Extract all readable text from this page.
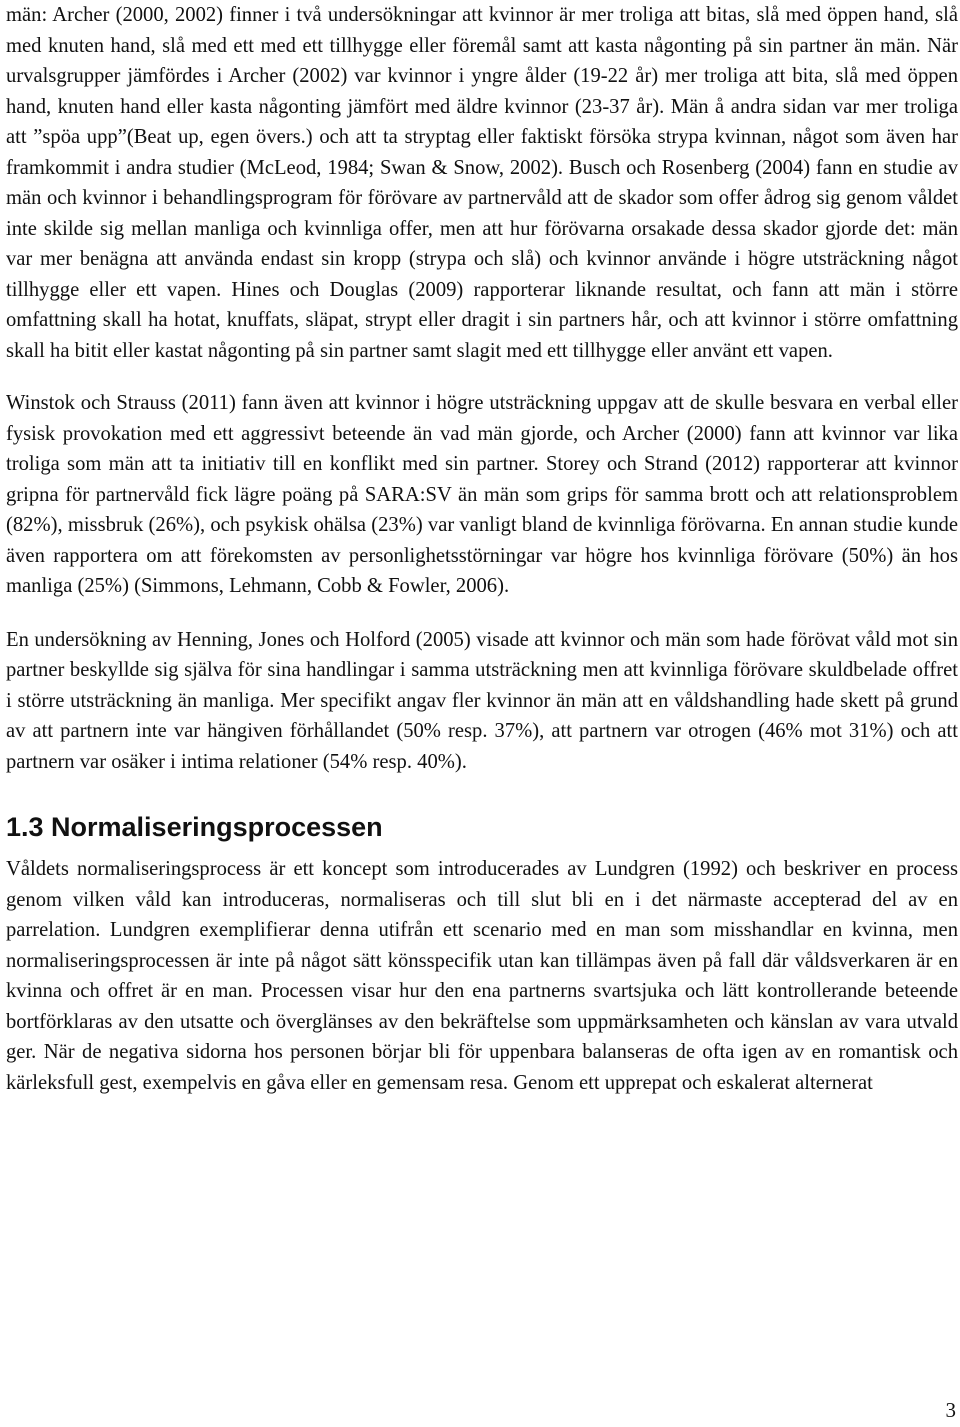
män: Archer (2000, 2002) finner i två undersökningar att kvinnor är mer troliga att bitas, slå med öppen hand, slå med knuten hand, slå med ett med ett tillhygge eller föremål samt att kasta någonting på sin partner än män. När urvalsgrupper jämfördes i Archer (2002) var kvinnor i yngre ålder (19-22 år) mer troliga att bita, slå med öppen hand, knuten hand eller kasta någonting jämfört med äldre kvinnor (23-37 år). Män å andra sidan var mer troliga att ”spöa upp”(Beat up, egen övers.) och att ta stryptag eller faktiskt försöka strypa kvinnan, något som även har framkommit i andra studier (McLeod, 1984; Swan & Snow, 2002). Busch och Rosenberg (2004) fann en studie av män och kvinnor i behandlingsprogram för förövare av partnervåld att de skador som offer ådrog sig genom våldet inte skilde sig mellan manliga och kvinnliga offer, men att hur förövarna orsakade dessa skador gjorde det: män var mer benägna att använda endast sin kropp (strypa och slå) och kvinnor använde i högre utsträckning något tillhygge eller ett vapen. Hines och Douglas (2009) rapporterar liknande resultat, och fann att män i större omfattning skall ha hotat, knuffats, släpat, strypt eller dragit i sin partners hår, och att kvinnor i större omfattning skall ha bitit eller kastat någonting på sin partner samt slagit med ett tillhygge eller använt ett vapen.

Winstok och Strauss (2011) fann även att kvinnor i högre utsträckning uppgav att de skulle besvara en verbal eller fysisk provokation med ett aggressivt beteende än vad män gjorde, och Archer (2000) fann att kvinnor var lika troliga som män att ta initiativ till en konflikt med sin partner. Storey och Strand (2012) rapporterar att kvinnor gripna för partnervåld fick lägre poäng på SARA:SV än män som grips för samma brott och att relationsproblem (82%), missbruk (26%), och psykisk ohälsa (23%) var vanligt bland de kvinnliga förövarna. En annan studie kunde även rapportera om att förekomsten av personlighetsstörningar var högre hos kvinnliga förövare (50%) än hos manliga (25%) (Simmons, Lehmann, Cobb & Fowler, 2006).

En undersökning av Henning, Jones och Holford (2005) visade att kvinnor och män som hade förövat våld mot sin partner beskyllde sig själva för sina handlingar i samma utsträckning men att kvinnliga förövare skuldbelade offret i större utsträckning än manliga. Mer specifikt angav fler kvinnor än män att en våldshandling hade skett på grund av att partnern inte var hängiven förhållandet (50% resp. 37%), att partnern var otrogen (46% mot 31%) och att partnern var osäker i intima relationer (54% resp. 40%).

1.3 Normaliseringsprocessen

Våldets normaliseringsprocess är ett koncept som introducerades av Lundgren (1992) och beskriver en process genom vilken våld kan introduceras, normaliseras och till slut bli en i det närmaste accepterad del av en parrelation. Lundgren exemplifierar denna utifrån ett scenario med en man som misshandlar en kvinna, men normaliseringsprocessen är inte på något sätt könsspecifik utan kan tillämpas även på fall där våldsverkaren är en kvinna och offret är en man. Processen visar hur den ena partnerns svartsjuka och lätt kontrollerande beteende bortförklaras av den utsatte och överglänses av den bekräftelse som uppmärksamheten och känslan av vara utvald ger. När de negativa sidorna hos personen börjar bli för uppenbara balanseras de ofta igen av en romantisk och kärleksfull gest, exempelvis en gåva eller en gemensam resa. Genom ett upprepat och eskalerat alternerat

3
